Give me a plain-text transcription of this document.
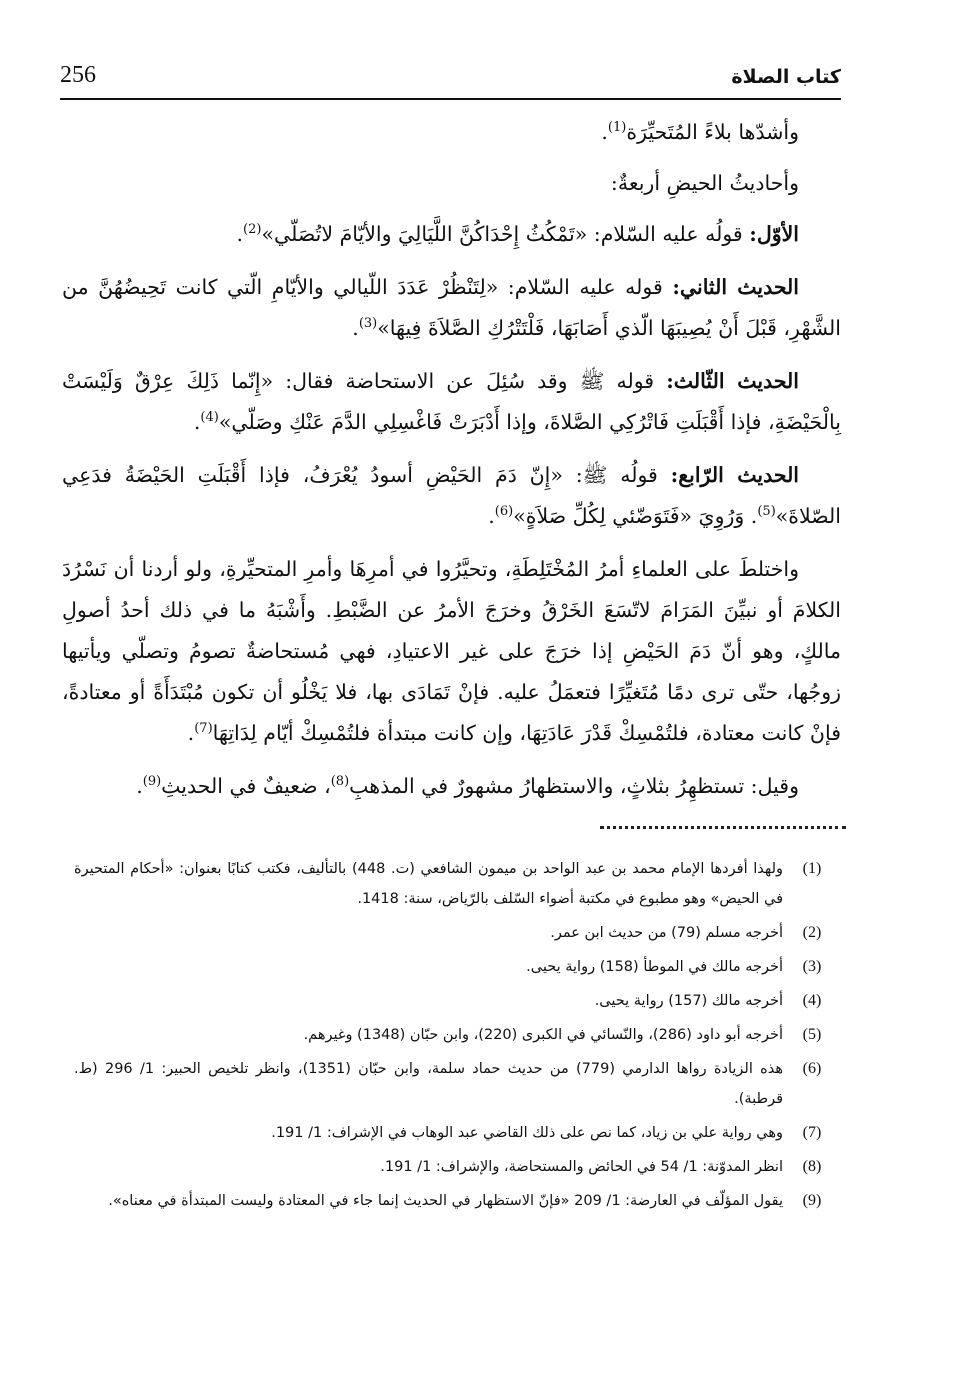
كتاب الصلاة
256

وأشدّها بلاءً المُتَحيِّرَة$^{(1)}$.

وأحاديثُ الحيضِ أربعةٌ:

الأوّل: قولُه عليه السّلام: «تَمْكُثُ إِحْدَاكُنَّ اللَّيَالِيَ والأيّامَ لاتُصَلّي»$^{(2)}$.

الحديث الثاني: قوله عليه السّلام: «لِتَنْظُرْ عَدَدَ اللّيالي والأيّامِ الّتي كانت تَحِيضُهُنَّ من الشَّهْرِ، قَبْلَ أَنْ يُصِيبَهَا الّذي أَصَابَهَا، فَلْتَتْرُكِ الصَّلاَةَ فِيهَا»$^{(3)}$.

الحديث الثّالث: قوله ﷺ وقد سُئِلَ عن الاستحاضة فقال: «إِنّما ذَلِكَ عِرْقٌ وَلَيْسَتْ بِالْحَيْضَةِ، فإذا أَقْبَلَتِ فَاتْرُكِي الصَّلاةَ، وإذا أَدْبَرَتْ فَاغْسِلِي الدَّمَ عَنْكِ وصَلّي»$^{(4)}$.

الحديث الرّابع: قولُه ﷺ: «إِنّ دَمَ الحَيْضِ أسودُ يُعْرَفُ، فإذا أَقْبَلَتِ الحَيْضَةُ فدَعِي الصّلاةَ»$^{(5)}$. وَرُوِيَ «فَتَوَضّئي لِكُلِّ صَلاَةٍ»$^{(6)}$.

واختلطَ على العلماءِ أمرُ المُخْتَلِطَةِ، وتحيَّرُوا في أمرِهَا وأمرِ المتحيِّرةِ، ولو أردنا أن نَسْرُدَ الكلامَ أو نبيِّنَ المَرَامَ لاتّسَعَ الخَرْقُ وخرَجَ الأمرُ عن الضَّبْطِ. وأَشْبَهُ ما في ذلك أحدُ أصولِ مالكٍ، وهو أنّ دَمَ الحَيْضِ إذا خرَجَ على غير الاعتيادِ، فهي مُستحاضةٌ تصومُ وتصلّي ويأتيها زوجُها، حتّى ترى دمًا مُتَغيِّرًا فتعمَلُ عليه. فإنْ تَمَادَى بها، فلا يَخْلُو أن تكون مُبْتَدَأَةً أو معتادةً، فإنْ كانت معتادة، فلتُمْسِكْ قَدْرَ عَادَتِهَا، وإن كانت مبتدأة فلتُمْسِكْ أيّام لِدَاتِهَا$^{(7)}$.

وقيل: تستظهِرُ بثلاثٍ، والاستظهارُ مشهورٌ في المذهبِ$^{(8)}$، ضعيفٌ في الحديثِ$^{(9)}$.

(1)
ولهذا أفردها الإمام محمد بن عبد الواحد بن ميمون الشافعي (ت. 448) بالتأليف، فكتب كتابًا بعنوان: «أحكام المتحيرة في الحيض» وهو مطبوع في مكتبة أضواء السّلف بالرّياض، سنة: 1418.
(2)
أخرجه مسلم (79) من حديث ابن عمر.
(3)
أخرجه مالك في الموطأ (158) رواية يحيى.
(4)
أخرجه مالك (157) رواية يحيى.
(5)
أخرجه أبو داود (286)، والنّسائي في الكبرى (220)، وابن حبّان (1348) وغيرهم.
(6)
هذه الزيادة رواها الدارمي (779) من حديث حماد سلمة، وابن حبّان (1351)، وانظر تلخيص الحبير: 1/ 296 (ط. قرطبة).
(7)
وهي رواية علي بن زياد، كما نص على ذلك القاضي عبد الوهاب في الإشراف: 1/ 191.
(8)
انظر المدوّنة: 1/ 54 في الحائض والمستحاضة، والإشراف: 1/ 191.
(9)
يقول المؤلّف في العارضة: 1/ 209 «فإنّ الاستظهار في الحديث إنما جاء في المعتادة وليست المبتدأة في معناه».
